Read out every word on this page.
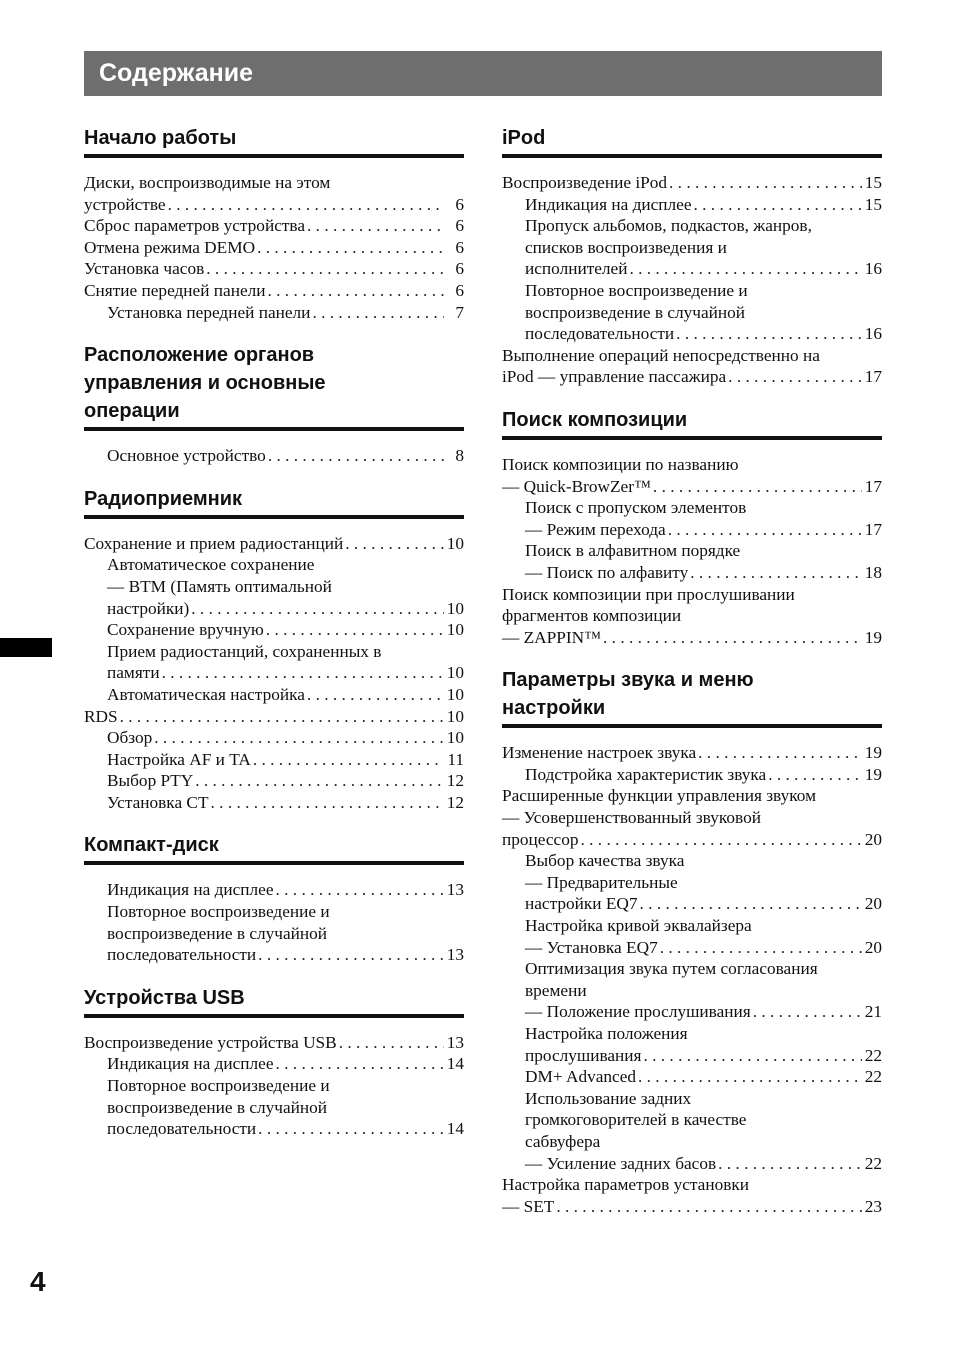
Содержание
Начало работы
Диски, воспроизводимые на этом
устройстве . . .	6
Сброс параметров устройства . . .	6
Отмена режима DEMO . . .	6
Установка часов . . .	6
Снятие передней панели . . .	6
Установка передней панели . . .	7
Расположение органов
управления и основные
операции
Основное устройство . . .	8
Радиоприемник
Сохранение и прием радиостанций . . .	10
Автоматическое сохранение
— BTM (Память оптимальной
настройки) . . .	10
Сохранение вручную . . .	10
Прием радиостанций, сохраненных в
памяти . . .	10
Автоматическая настройка . . .	10
RDS . . .	10
Обзор . . .	10
Настройка AF и TA . . .	11
Выбор PTY . . .	12
Установка CT . . .	12
Компакт-диск
Индикация на дисплее . . .	13
Повторное воспроизведение и
воспроизведение в случайной
последовательности . . .	13
Устройства USB
Воспроизведение устройства USB . . .	13
Индикация на дисплее . . .	14
Повторное воспроизведение и
воспроизведение в случайной
последовательности . . .	14
iPod
Воспроизведение iPod . . .	15
Индикация на дисплее . . .	15
Пропуск альбомов, подкастов, жанров,
списков воспроизведения и
исполнителей . . .	16
Повторное воспроизведение и
воспроизведение в случайной
последовательности . . .	16
Выполнение операций непосредственно на
iPod — управление пассажира . . .	17
Поиск композиции
Поиск композиции по названию
— Quick-BrowZer™ . . .	17
Поиск с пропуском элементов
— Режим перехода . . .	17
Поиск в алфавитном порядке
— Поиск по алфавиту . . .	18
Поиск композиции при прослушивании
фрагментов композиции
— ZAPPIN™ . . .	19
Параметры звука и меню
настройки
Изменение настроек звука . . .	19
Подстройка характеристик звука . . .	19
Расширенные функции управления звуком
— Усовершенствованный звуковой
процессор . . .	20
Выбор качества звука
— Предварительные
настройки EQ7 . . .	20
Настройка кривой эквалайзера
— Установка EQ7 . . .	20
Оптимизация звука путем согласования
времени
— Положение прослушивания . . .	21
Настройка положения
прослушивания . . .	22
DM+ Advanced . . .	22
Использование задних
громкоговорителей в качестве
сабвуфера
— Усиление задних басов . . .	22
Настройка параметров установки
— SET . . .	23
4
